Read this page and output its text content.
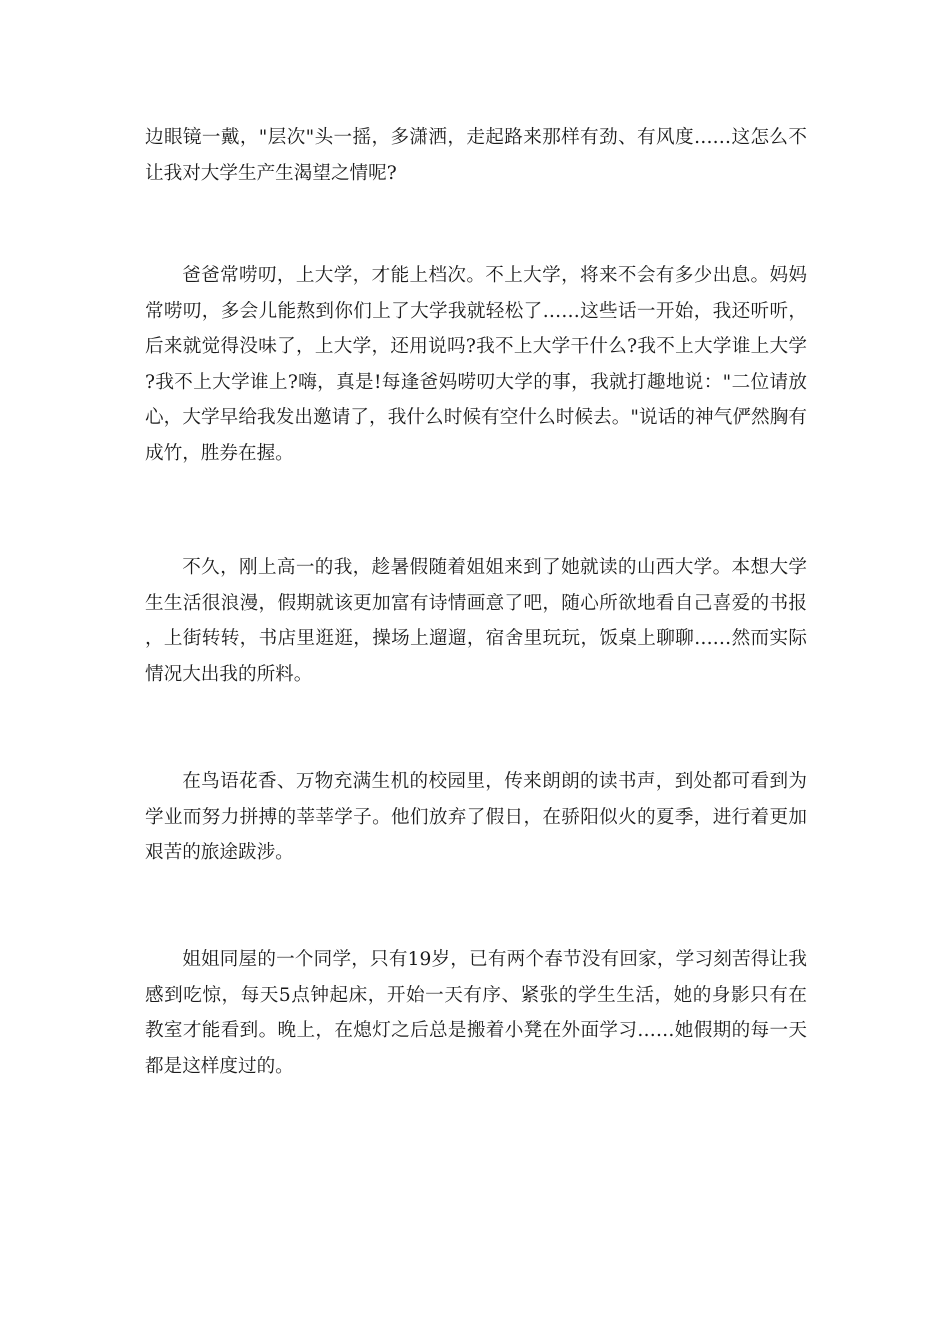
边眼镜一戴，"层次"头一摇，多潇洒，走起路来那样有劲、有风度……这怎么不让我对大学生产生渴望之情呢?

爸爸常唠叨，上大学，才能上档次。不上大学，将来不会有多少出息。妈妈常唠叨，多会儿能熬到你们上了大学我就轻松了……这些话一开始，我还听听，后来就觉得没味了，上大学，还用说吗?我不上大学干什么?我不上大学谁上大学?我不上大学谁上?嗨，真是!每逢爸妈唠叨大学的事，我就打趣地说："二位请放心，大学早给我发出邀请了，我什么时候有空什么时候去。"说话的神气俨然胸有成竹，胜券在握。

不久，刚上高一的我，趁暑假随着姐姐来到了她就读的山西大学。本想大学生生活很浪漫，假期就该更加富有诗情画意了吧，随心所欲地看自己喜爱的书报，上街转转，书店里逛逛，操场上遛遛，宿舍里玩玩，饭桌上聊聊……然而实际情况大出我的所料。

在鸟语花香、万物充满生机的校园里，传来朗朗的读书声，到处都可看到为学业而努力拼搏的莘莘学子。他们放弃了假日，在骄阳似火的夏季，进行着更加艰苦的旅途跋涉。

姐姐同屋的一个同学，只有19岁，已有两个春节没有回家，学习刻苦得让我感到吃惊，每天5点钟起床，开始一天有序、紧张的学生生活，她的身影只有在教室才能看到。晚上，在熄灯之后总是搬着小凳在外面学习……她假期的每一天都是这样度过的。
